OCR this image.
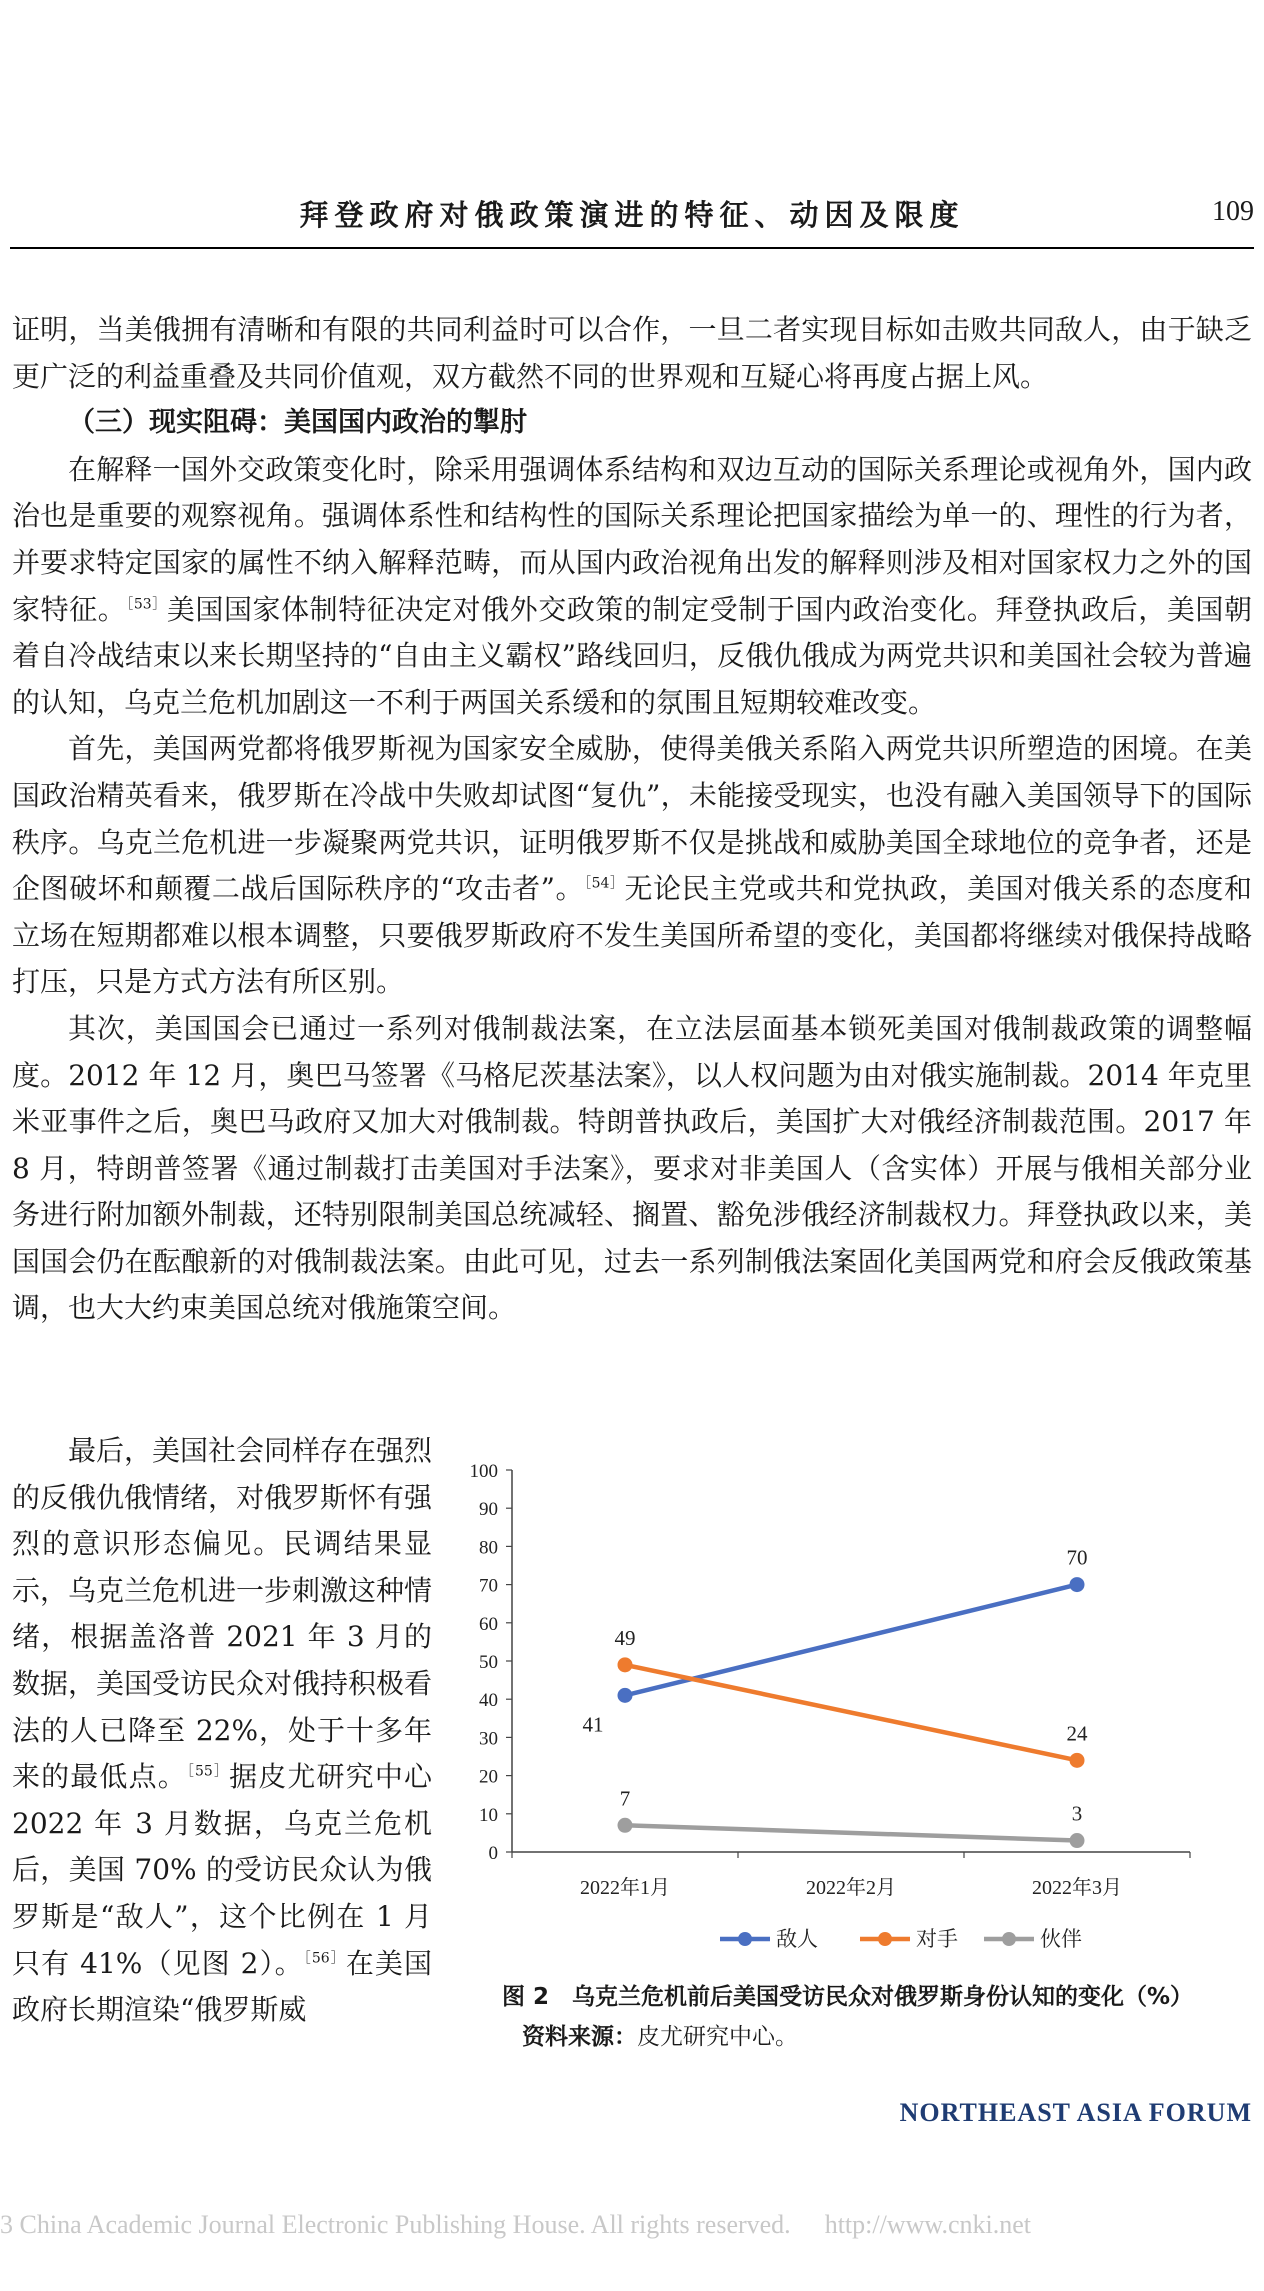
拜登政府对俄政策演进的特征、动因及限度	109

证明，当美俄拥有清晰和有限的共同利益时可以合作，一旦二者实现目标如击败共同敌人，由于缺乏更广泛的利益重叠及共同价值观，双方截然不同的世界观和互疑心将再度占据上风。

（三）现实阻碍：美国国内政治的掣肘

在解释一国外交政策变化时，除采用强调体系结构和双边互动的国际关系理论或视角外，国内政治也是重要的观察视角。强调体系性和结构性的国际关系理论把国家描绘为单一的、理性的行为者，并要求特定国家的属性不纳入解释范畴，而从国内政治视角出发的解释则涉及相对国家权力之外的国家特征。$^{[53]}$美国国家体制特征决定对俄外交政策的制定受制于国内政治变化。拜登执政后，美国朝着自冷战结束以来长期坚持的“自由主义霸权”路线回归，反俄仇俄成为两党共识和美国社会较为普遍的认知，乌克兰危机加剧这一不利于两国关系缓和的氛围且短期较难改变。

首先，美国两党都将俄罗斯视为国家安全威胁，使得美俄关系陷入两党共识所塑造的困境。在美国政治精英看来，俄罗斯在冷战中失败却试图“复仇”，未能接受现实，也没有融入美国领导下的国际秩序。乌克兰危机进一步凝聚两党共识，证明俄罗斯不仅是挑战和威胁美国全球地位的竞争者，还是企图破坏和颠覆二战后国际秩序的“攻击者”。$^{[54]}$无论民主党或共和党执政，美国对俄关系的态度和立场在短期都难以根本调整，只要俄罗斯政府不发生美国所希望的变化，美国都将继续对俄保持战略打压，只是方式方法有所区别。

其次，美国国会已通过一系列对俄制裁法案，在立法层面基本锁死美国对俄制裁政策的调整幅度。2012 年 12 月，奥巴马签署《马格尼茨基法案》，以人权问题为由对俄实施制裁。2014 年克里米亚事件之后，奥巴马政府又加大对俄制裁。特朗普执政后，美国扩大对俄经济制裁范围。2017 年 8 月，特朗普签署《通过制裁打击美国对手法案》，要求对非美国人（含实体）开展与俄相关部分业务进行附加额外制裁，还特别限制美国总统减轻、搁置、豁免涉俄经济制裁权力。拜登执政以来，美国国会仍在酝酿新的对俄制裁法案。由此可见，过去一系列制俄法案固化美国两党和府会反俄政策基调，也大大约束美国总统对俄施策空间。

最后，美国社会同样存在强烈的反俄仇俄情绪，对俄罗斯怀有强烈的意识形态偏见。民调结果显示，乌克兰危机进一步刺激这种情绪，根据盖洛普 2021 年 3 月的数据，美国受访民众对俄持积极看法的人已降至 22%，处于十多年来的最低点。$^{[55]}$据皮尤研究中心 2022 年 3 月数据，乌克兰危机后，美国 70% 的受访民众认为俄罗斯是“敌人”，这个比例在 1 月只有 41%（见图 2）。$^{[56]}$在美国政府长期渲染“俄罗斯威

0
10
20
30
40
50
60
70
80
90
100
2022年1月	2022年2月	2022年3月
41
70
49
24
7
3
敌人	对手	伙伴
图 2　乌克兰危机前后美国受访民众对俄罗斯身份认知的变化（%）
资料来源：皮尤研究中心。
NORTHEAST ASIA FORUM
3 China Academic Journal Electronic Publishing House. All rights reserved. http://www.cnki.net
